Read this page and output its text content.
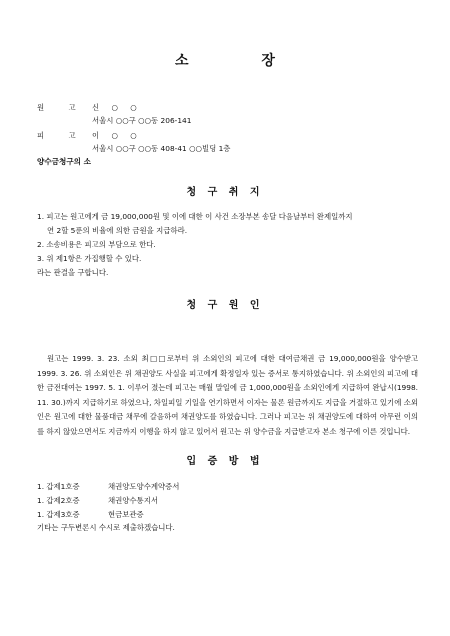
소 장
원 고 신 ○ ○
서울시 ○○구 ○○동 206-141
피 고 이 ○ ○
서울시 ○○구 ○○동 408-41 ○○빌딩 1층
양수금청구의 소
청 구 취 지
1. 피고는 원고에게 금 19,000,000원 및 이에 대한 이 사건 소장부본 송달 다음날부터 완제일까지
연 2할 5푼의 비율에 의한 금원을 지급하라.
2. 소송비용은 피고의 부담으로 한다.
3. 위 제1항은 가집행할 수 있다.
라는 판결을 구합니다.
청 구 원 인
원고는 1999. 3. 23. 소외 최□□로부터 위 소외인의 피고에 대한 대여금채권 금 19,000,000원을 양수받고 1999. 3. 26. 위 소외인은 위 채권양도 사실을 피고에게 확정일자 있는 증서로 통지하였습니다. 위 소외인의 피고에 대한 금전대여는 1997. 5. 1. 이루어 졌는데 피고는 매월 말일에 금 1,000,000원을 소외인에게 지급하여 완납시(1998. 11. 30.)까지 지급하기로 하였으나, 차일피일 기일을 연기하면서 이자는 물론 원금까지도 지급을 거절하고 있기에 소외인은 원고에 대한 물품대금 채무에 갈음하여 채권양도를 하였습니다. 그러나 피고는 위 채권양도에 대하여 아무런 이의를 하지 않았으면서도 지금까지 이행을 하지 않고 있어서 원고는 위 양수금을 지급받고자 본소 청구에 이른 것입니다.
입 증 방 법
1. 갑제1호증	채권양도양수계약증서
1. 갑제2호증	채권양수통지서
1. 갑제3호증	현금보관증
기타는 구두변론시 수시로 제출하겠습니다.
